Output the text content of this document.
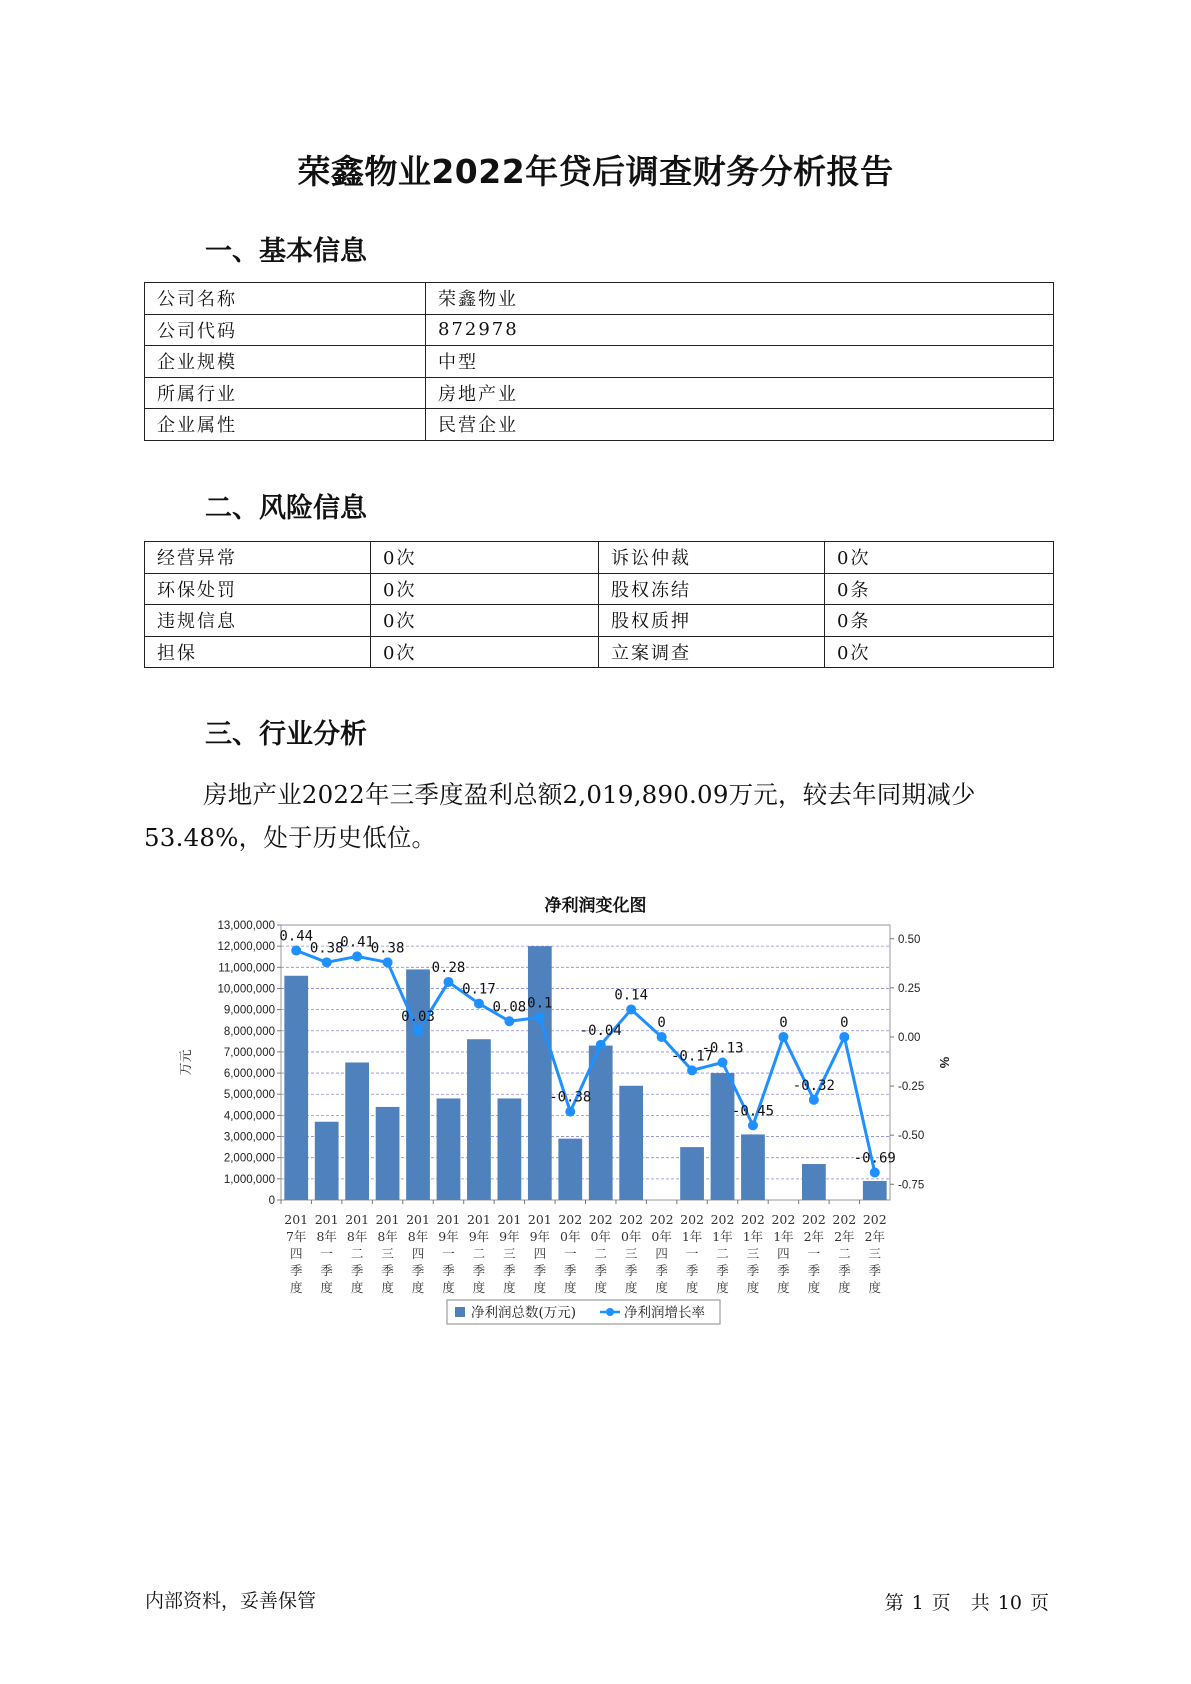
荣鑫物业2022年贷后调查财务分析报告
一、基本信息
公司名称	荣鑫物业
公司代码	872978
企业规模	中型
所属行业	房地产业
企业属性	民营企业
二、风险信息
经营异常	0次	诉讼仲裁	0次
环保处罚	0次	股权冻结	0条
违规信息	0次	股权质押	0条
担保	0次	立案调查	0次
三、行业分析
房地产业2022年三季度盈利总额2,019,890.09万元，较去年同期减少53.48%，处于历史低位。
净利润变化图
0
1,000,000
2,000,000
3,000,000
4,000,000
5,000,000
6,000,000
7,000,000
8,000,000
9,000,000
10,000,000
11,000,000
12,000,000
13,000,000
0.50
0.25
0.00
-0.25
-0.50
-0.75
万元	%
201 7年四季度
201 8年一季度
201 8年二季度
201 8年三季度
201 8年四季度
201 9年一季度
201 9年二季度
201 9年三季度
201 9年四季度
202 0年一季度
202 0年二季度
202 0年三季度
202 0年四季度
202 1年一季度
202 1年二季度
202 1年三季度
202 1年四季度
202 2年一季度
202 2年二季度
202 2年三季度
0.44
0.38
0.41
0.38
0.03
0.28
0.17
0.08 0.1
-0.38
-0.04
0.14
0
-0.17
-0.13
-0.45
0
-0.32
0
-0.69
净利润总数(万元)	净利润增长率
内部资料，妥善保管	第 1 页 共 10 页
